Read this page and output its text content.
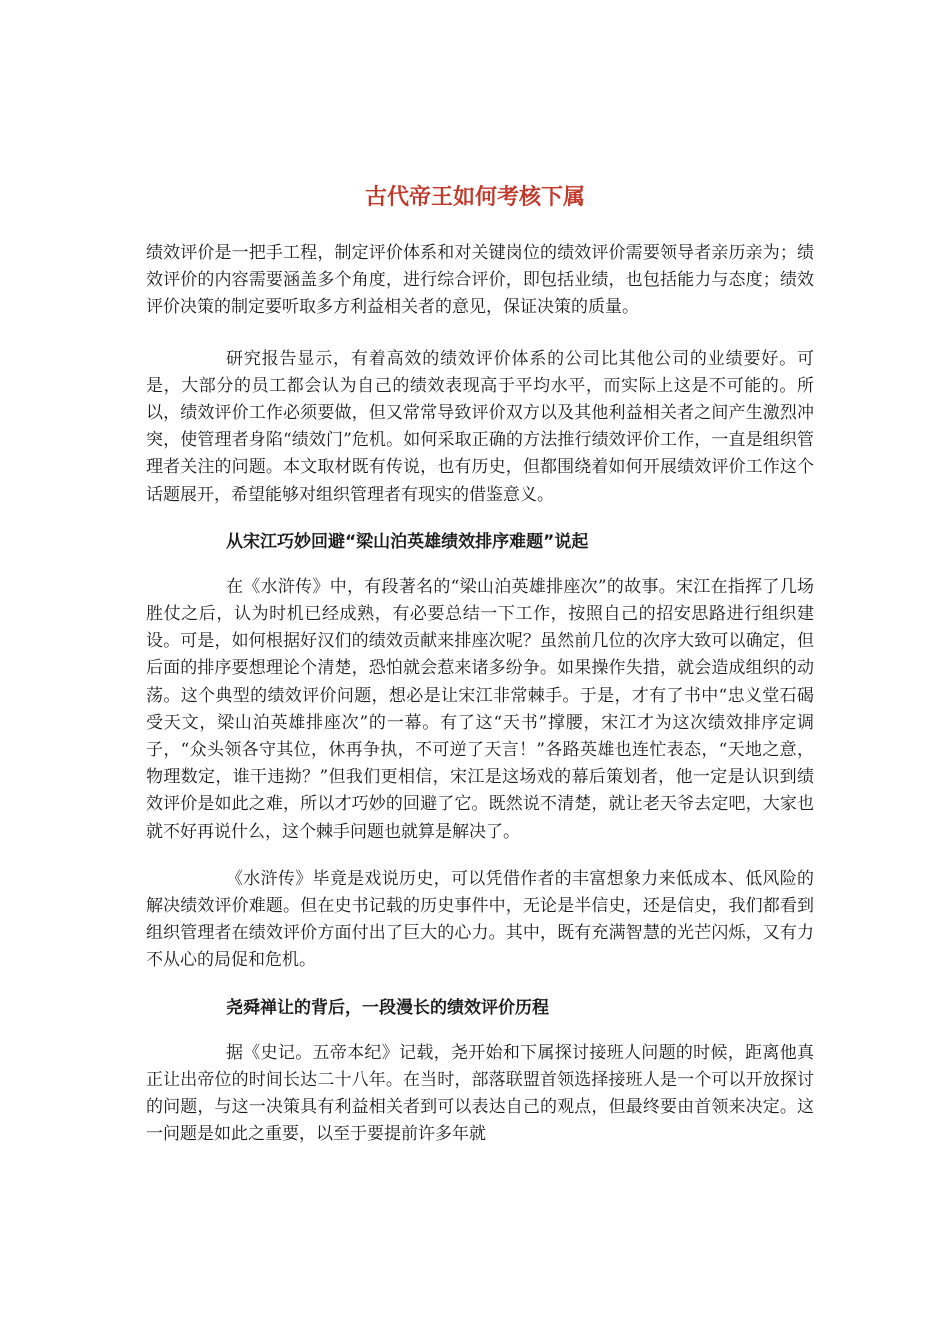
古代帝王如何考核下属

绩效评价是一把手工程，制定评价体系和对关键岗位的绩效评价需要领导者亲历亲为；绩效评价的内容需要涵盖多个角度，进行综合评价，即包括业绩，也包括能力与态度；绩效评价决策的制定要听取多方利益相关者的意见，保证决策的质量。

研究报告显示，有着高效的绩效评价体系的公司比其他公司的业绩要好。可是，大部分的员工都会认为自己的绩效表现高于平均水平，而实际上这是不可能的。所以，绩效评价工作必须要做，但又常常导致评价双方以及其他利益相关者之间产生激烈冲突，使管理者身陷“绩效门”危机。如何采取正确的方法推行绩效评价工作，一直是组织管理者关注的问题。本文取材既有传说，也有历史，但都围绕着如何开展绩效评价工作这个话题展开，希望能够对组织管理者有现实的借鉴意义。

从宋江巧妙回避“梁山泊英雄绩效排序难题”说起

在《水浒传》中，有段著名的“梁山泊英雄排座次”的故事。宋江在指挥了几场胜仗之后，认为时机已经成熟，有必要总结一下工作，按照自己的招安思路进行组织建设。可是，如何根据好汉们的绩效贡献来排座次呢？虽然前几位的次序大致可以确定，但后面的排序要想理论个清楚，恐怕就会惹来诸多纷争。如果操作失措，就会造成组织的动荡。这个典型的绩效评价问题，想必是让宋江非常棘手。于是，才有了书中“忠义堂石碣受天文，梁山泊英雄排座次”的一幕。有了这“天书”撑腰，宋江才为这次绩效排序定调子，“众头领各守其位，休再争执，不可逆了天言！”各路英雄也连忙表态，“天地之意，物理数定，谁干违拗？”但我们更相信，宋江是这场戏的幕后策划者，他一定是认识到绩效评价是如此之难，所以才巧妙的回避了它。既然说不清楚，就让老天爷去定吧，大家也就不好再说什么，这个棘手问题也就算是解决了。

《水浒传》毕竟是戏说历史，可以凭借作者的丰富想象力来低成本、低风险的解决绩效评价难题。但在史书记载的历史事件中，无论是半信史，还是信史，我们都看到组织管理者在绩效评价方面付出了巨大的心力。其中，既有充满智慧的光芒闪烁，又有力不从心的局促和危机。

尧舜禅让的背后，一段漫长的绩效评价历程

据《史记。五帝本纪》记载，尧开始和下属探讨接班人问题的时候，距离他真正让出帝位的时间长达二十八年。在当时，部落联盟首领选择接班人是一个可以开放探讨的问题，与这一决策具有利益相关者到可以表达自己的观点，但最终要由首领来决定。这一问题是如此之重要，以至于要提前许多年就
